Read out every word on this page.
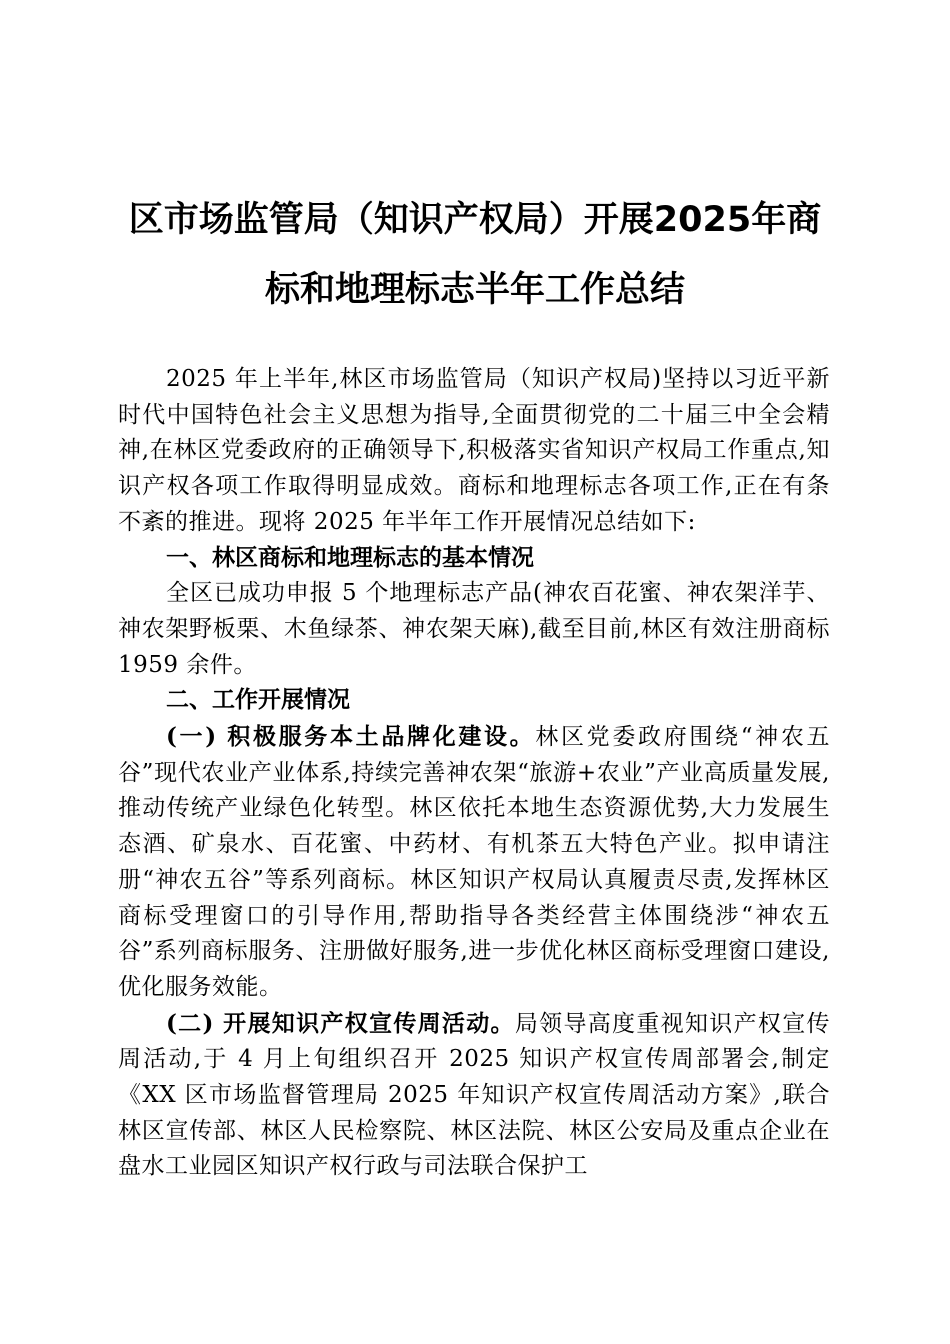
区市场监管局（知识产权局）开展2025年商
标和地理标志半年工作总结

2025 年上半年,林区市场监管局（知识产权局)坚持以习近平新时代中国特色社会主义思想为指导,全面贯彻党的二十届三中全会精神,在林区党委政府的正确领导下,积极落实省知识产权局工作重点,知识产权各项工作取得明显成效。商标和地理标志各项工作,正在有条不紊的推进。现将 2025 年半年工作开展情况总结如下:

一、林区商标和地理标志的基本情况

全区已成功申报 5 个地理标志产品(神农百花蜜、神农架洋芋、神农架野板栗、木鱼绿茶、神农架天麻),截至目前,林区有效注册商标 1959 余件。

二、工作开展情况

(一) 积极服务本土品牌化建设。林区党委政府围绕“神农五谷”现代农业产业体系,持续完善神农架“旅游+农业”产业高质量发展,推动传统产业绿色化转型。林区依托本地生态资源优势,大力发展生态酒、矿泉水、百花蜜、中药材、有机茶五大特色产业。拟申请注册“神农五谷”等系列商标。林区知识产权局认真履责尽责,发挥林区商标受理窗口的引导作用,帮助指导各类经营主体围绕涉“神农五谷”系列商标服务、注册做好服务,进一步优化林区商标受理窗口建设,优化服务效能。

(二) 开展知识产权宣传周活动。局领导高度重视知识产权宣传周活动,于 4 月上旬组织召开 2025 知识产权宣传周部署会,制定《XX 区市场监督管理局 2025 年知识产权宣传周活动方案》,联合林区宣传部、林区人民检察院、林区法院、林区公安局及重点企业在盘水工业园区知识产权行政与司法联合保护工
